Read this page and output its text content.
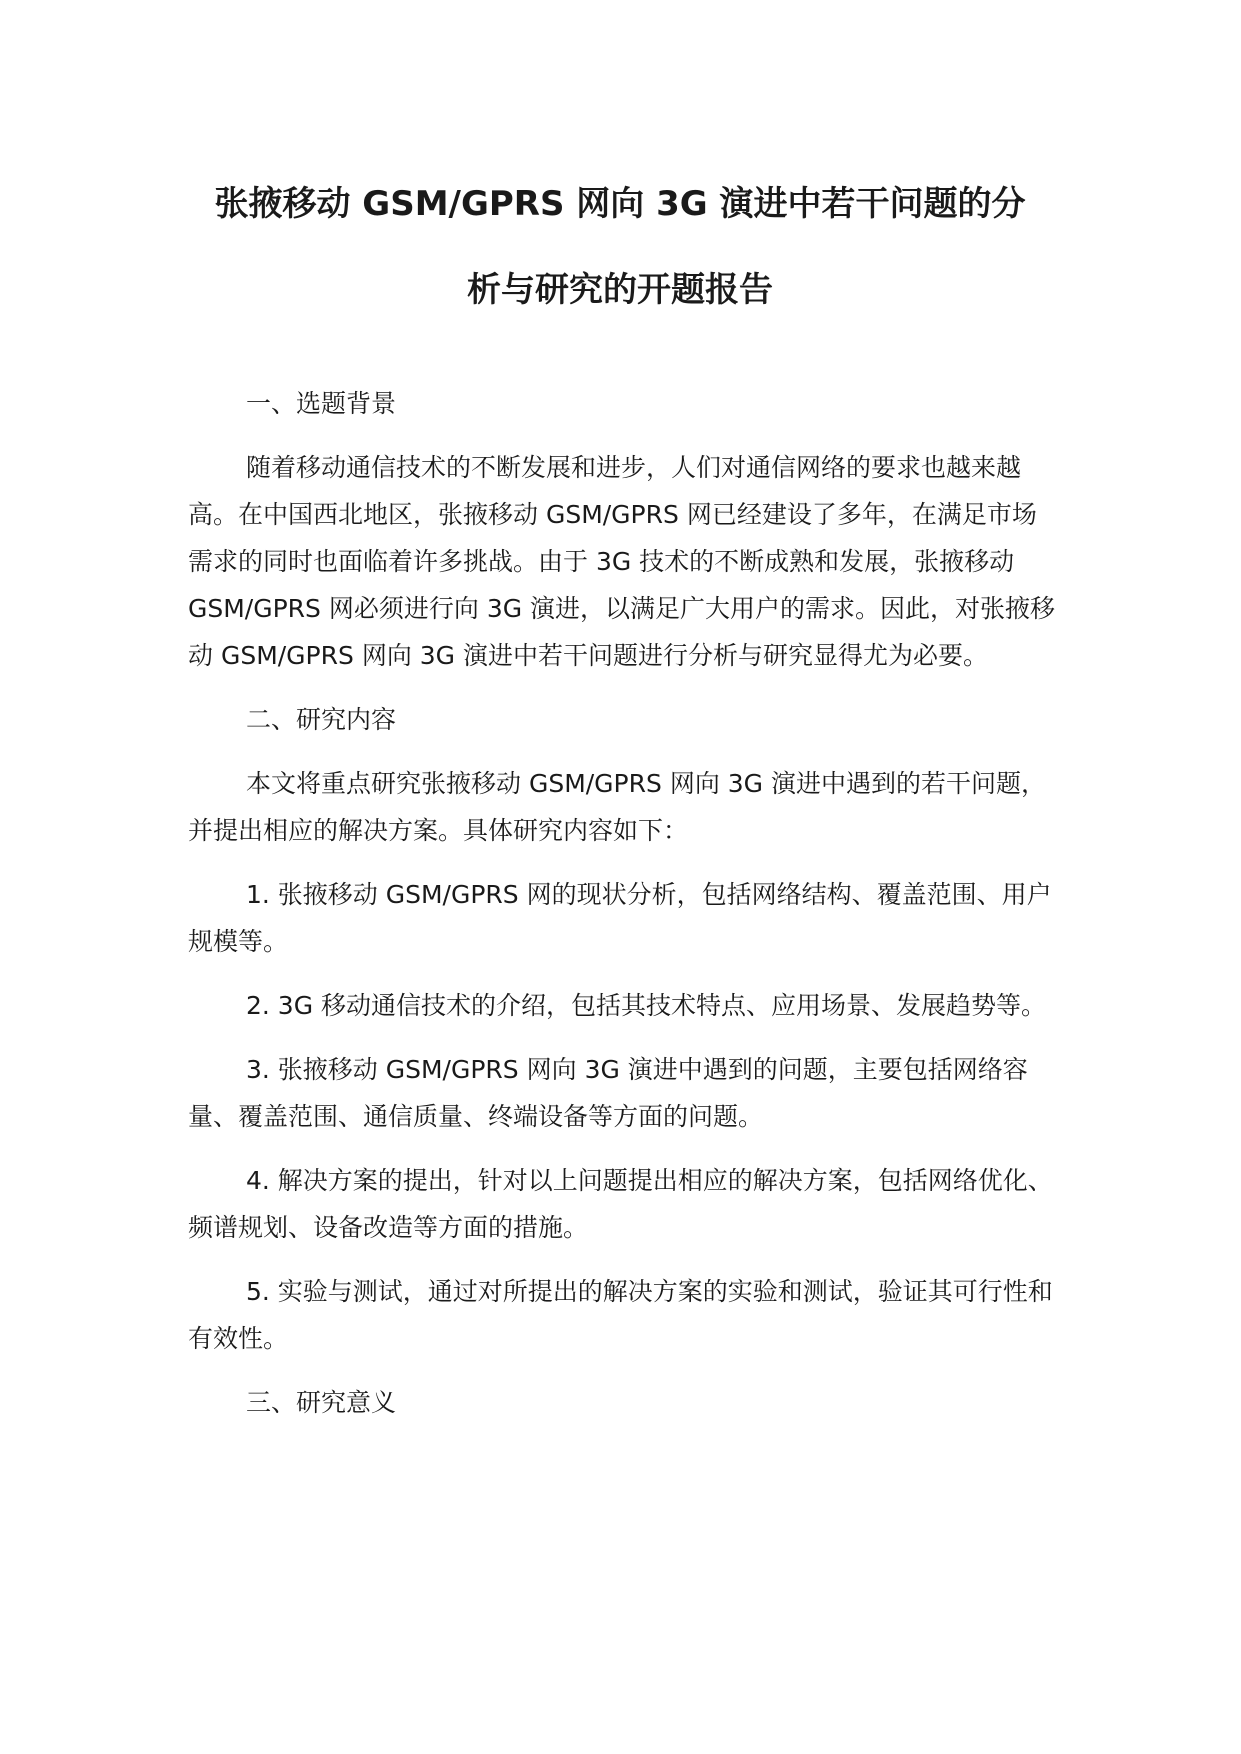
张掖移动 GSM/GPRS 网向 3G 演进中若干问题的分
析与研究的开题报告

一、选题背景

随着移动通信技术的不断发展和进步，人们对通信网络的要求也越来越高。在中国西北地区，张掖移动 GSM/GPRS 网已经建设了多年，在满足市场需求的同时也面临着许多挑战。由于 3G 技术的不断成熟和发展，张掖移动 GSM/GPRS 网必须进行向 3G 演进，以满足广大用户的需求。因此，对张掖移动 GSM/GPRS 网向 3G 演进中若干问题进行分析与研究显得尤为必要。

二、研究内容

本文将重点研究张掖移动 GSM/GPRS 网向 3G 演进中遇到的若干问题，并提出相应的解决方案。具体研究内容如下：

1. 张掖移动 GSM/GPRS 网的现状分析，包括网络结构、覆盖范围、用户规模等。

2. 3G 移动通信技术的介绍，包括其技术特点、应用场景、发展趋势等。

3. 张掖移动 GSM/GPRS 网向 3G 演进中遇到的问题，主要包括网络容量、覆盖范围、通信质量、终端设备等方面的问题。

4. 解决方案的提出，针对以上问题提出相应的解决方案，包括网络优化、频谱规划、设备改造等方面的措施。

5. 实验与测试，通过对所提出的解决方案的实验和测试，验证其可行性和有效性。

三、研究意义
